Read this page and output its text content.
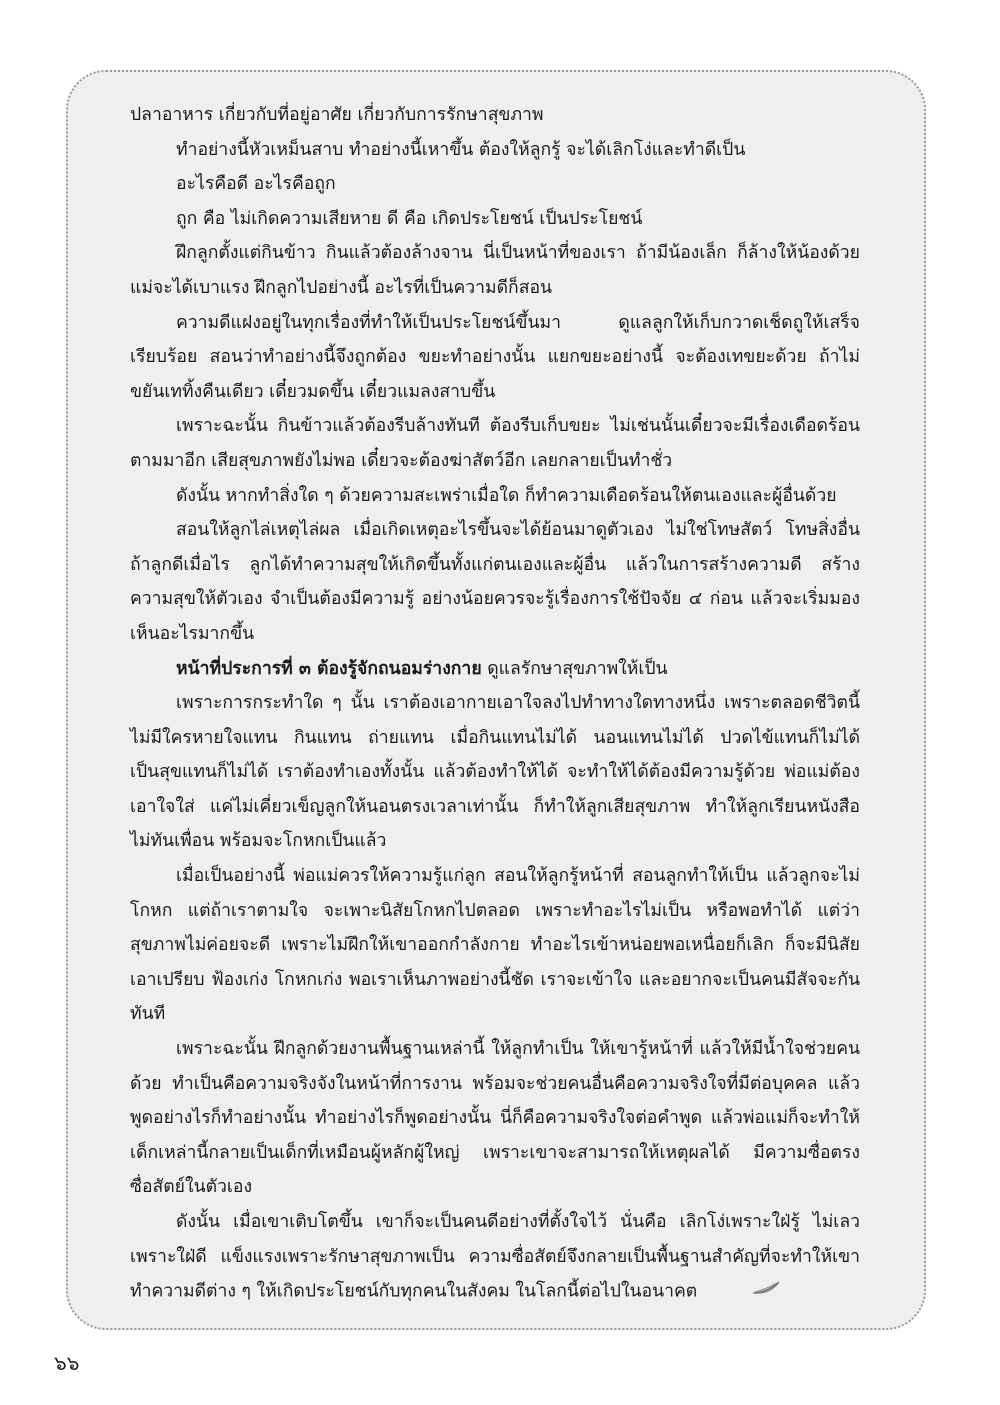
ปลาอาหาร เกี่ยวกับที่อยู่อาศัย เกี่ยวกับการรักษาสุขภาพ

ทำอย่างนี้หัวเหม็นสาบ ทำอย่างนี้เหาขึ้น ต้องให้ลูกรู้ จะได้เลิกโง่และทำดีเป็น

อะไรคือดี อะไรคือถูก

ถูก คือ ไม่เกิดความเสียหาย ดี คือ เกิดประโยชน์ เป็นประโยชน์

ฝึกลูกตั้งแต่กินข้าว กินแล้วต้องล้างจาน นี่เป็นหน้าที่ของเรา ถ้ามีน้องเล็ก ก็ล้างให้น้องด้วย แม่จะได้เบาแรง ฝึกลูกไปอย่างนี้ อะไรที่เป็นความดีก็สอน

ความดีแฝงอยู่ในทุกเรื่องที่ทำให้เป็นประโยชน์ขึ้นมา ดูแลลูกให้เก็บกวาดเช็ดถูให้เสร็จเรียบร้อย สอนว่าทำอย่างนี้จึงถูกต้อง ขยะทำอย่างนั้น แยกขยะอย่างนี้ จะต้องเทขยะด้วย ถ้าไม่ขยันเททิ้งคืนเดียว เดี๋ยวมดขึ้น เดี๋ยวแมลงสาบขึ้น

เพราะฉะนั้น กินข้าวแล้วต้องรีบล้างทันที ต้องรีบเก็บขยะ ไม่เช่นนั้นเดี๋ยวจะมีเรื่องเดือดร้อนตามมาอีก เสียสุขภาพยังไม่พอ เดี๋ยวจะต้องฆ่าสัตว์อีก เลยกลายเป็นทำชั่ว

ดังนั้น หากทำสิ่งใด ๆ ด้วยความสะเพร่าเมื่อใด ก็ทำความเดือดร้อนให้ตนเองและผู้อื่นด้วย

สอนให้ลูกไล่เหตุไล่ผล เมื่อเกิดเหตุอะไรขึ้นจะได้ย้อนมาดูตัวเอง ไม่ใช่โทษสัตว์ โทษสิ่งอื่น ถ้าลูกดีเมื่อไร ลูกได้ทำความสุขให้เกิดขึ้นทั้งแก่ตนเองและผู้อื่น แล้วในการสร้างความดี สร้างความสุขให้ตัวเอง จำเป็นต้องมีความรู้ อย่างน้อยควรจะรู้เรื่องการใช้ปัจจัย ๔ ก่อน แล้วจะเริ่มมองเห็นอะไรมากขึ้น

หน้าที่ประการที่ ๓ ต้องรู้จักถนอมร่างกาย ดูแลรักษาสุขภาพให้เป็น

เพราะการกระทำใด ๆ นั้น เราต้องเอากายเอาใจลงไปทำทางใดทางหนึ่ง เพราะตลอดชีวิตนี้ไม่มีใครหายใจแทน กินแทน ถ่ายแทน เมื่อกินแทนไม่ได้ นอนแทนไม่ได้ ปวดไข้แทนก็ไม่ได้ เป็นสุขแทนก็ไม่ได้ เราต้องทำเองทั้งนั้น แล้วต้องทำให้ได้ จะทำให้ได้ต้องมีความรู้ด้วย พ่อแม่ต้องเอาใจใส่ แค่ไม่เคี่ยวเข็ญลูกให้นอนตรงเวลาเท่านั้น ก็ทำให้ลูกเสียสุขภาพ ทำให้ลูกเรียนหนังสือไม่ทันเพื่อน พร้อมจะโกหกเป็นแล้ว

เมื่อเป็นอย่างนี้ พ่อแม่ควรให้ความรู้แก่ลูก สอนให้ลูกรู้หน้าที่ สอนลูกทำให้เป็น แล้วลูกจะไม่โกหก แต่ถ้าเราตามใจ จะเพาะนิสัยโกหกไปตลอด เพราะทำอะไรไม่เป็น หรือพอทำได้ แต่ว่าสุขภาพไม่ค่อยจะดี เพราะไม่ฝึกให้เขาออกกำลังกาย ทำอะไรเข้าหน่อยพอเหนื่อยก็เลิก ก็จะมีนิสัยเอาเปรียบ ฟ้องเก่ง โกหกเก่ง พอเราเห็นภาพอย่างนี้ชัด เราจะเข้าใจ และอยากจะเป็นคนมีสัจจะกันทันที

เพราะฉะนั้น ฝึกลูกด้วยงานพื้นฐานเหล่านี้ ให้ลูกทำเป็น ให้เขารู้หน้าที่ แล้วให้มีน้ำใจช่วยคนด้วย ทำเป็นคือความจริงจังในหน้าที่การงาน พร้อมจะช่วยคนอื่นคือความจริงใจที่มีต่อบุคคล แล้วพูดอย่างไรก็ทำอย่างนั้น ทำอย่างไรก็พูดอย่างนั้น นี่ก็คือความจริงใจต่อคำพูด แล้วพ่อแม่ก็จะทำให้เด็กเหล่านี้กลายเป็นเด็กที่เหมือนผู้หลักผู้ใหญ่ เพราะเขาจะสามารถให้เหตุผลได้ มีความซื่อตรง ซื่อสัตย์ในตัวเอง

ดังนั้น เมื่อเขาเติบโตขึ้น เขาก็จะเป็นคนดีอย่างที่ตั้งใจไว้ นั่นคือ เลิกโง่เพราะใฝ่รู้ ไม่เลวเพราะใฝ่ดี แข็งแรงเพราะรักษาสุขภาพเป็น ความซื่อสัตย์จึงกลายเป็นพื้นฐานสำคัญที่จะทำให้เขาทำความดีต่าง ๆ ให้เกิดประโยชน์กับทุกคนในสังคม ในโลกนี้ต่อไปในอนาคต

๖๖
